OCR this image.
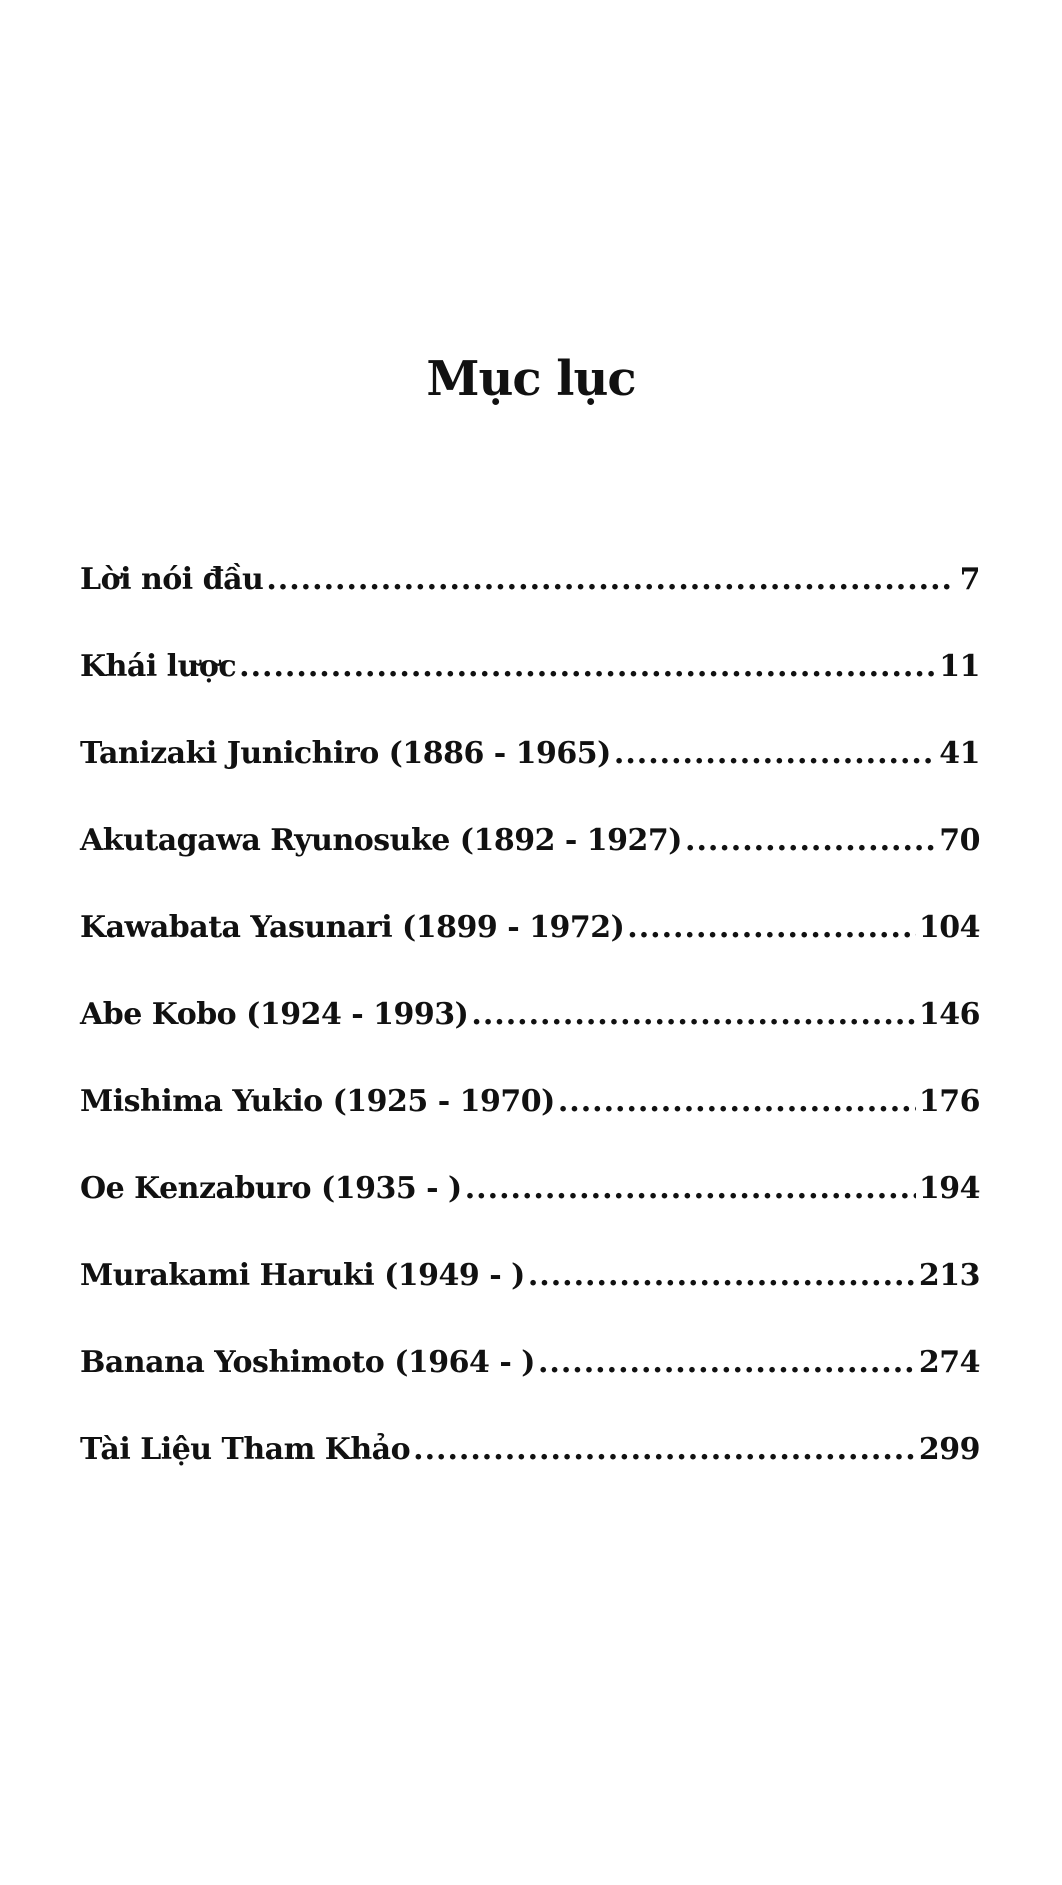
Mục lục
Lời nói đầu .....	7
Khái lược .....	11
Tanizaki Junichiro (1886 - 1965) .....	41
Akutagawa Ryunosuke (1892 - 1927) .....	70
Kawabata Yasunari (1899 - 1972) .....	104
Abe Kobo (1924 - 1993) .....	146
Mishima Yukio (1925 - 1970) .....	176
Oe Kenzaburo (1935 - ) .....	194
Murakami Haruki (1949 - ) .....	213
Banana Yoshimoto (1964 - ) .....	274
Tài Liệu Tham Khảo .....	299
